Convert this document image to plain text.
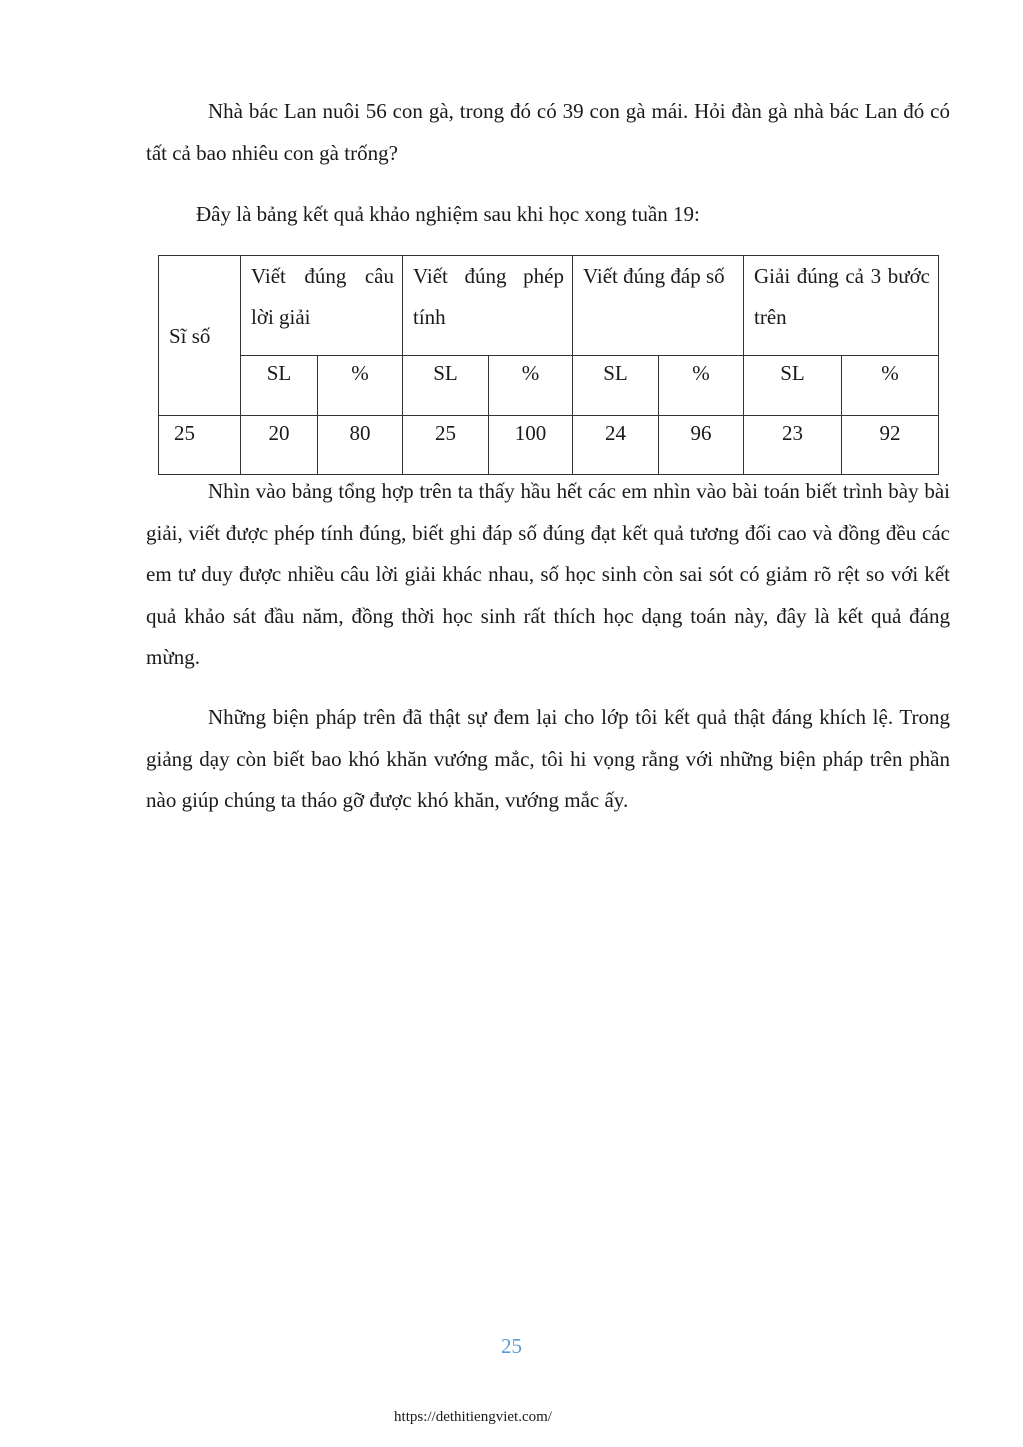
Nhà bác Lan nuôi 56 con gà, trong đó có 39 con gà mái. Hỏi đàn gà nhà bác Lan đó có tất cả bao nhiêu con gà trống?

Đây là bảng kết quả khảo nghiệm sau khi học xong tuần 19:

Sĩ số	Viết đúng câu lời giải		Viết đúng phép tính		Viết đúng đáp số		Giải đúng cả 3 bước trên	
	SL	%	SL	%	SL	%	SL	%
25	20	80	25	100	24	96	23	92

Nhìn vào bảng tổng hợp trên ta thấy hầu hết các em nhìn vào bài toán biết trình bày bài giải, viết được phép tính đúng, biết ghi đáp số đúng đạt kết quả tương đối cao và đồng đều các em tư duy được nhiều câu lời giải khác nhau, số học sinh còn sai sót có giảm rõ rệt so với kết quả khảo sát đầu năm, đồng thời học sinh rất thích học dạng toán này, đây là kết quả đáng mừng.

Những biện pháp trên đã thật sự đem lại cho lớp tôi kết quả thật đáng khích lệ. Trong giảng dạy còn biết bao khó khăn vướng mắc, tôi hi vọng rằng với những biện pháp trên phần nào giúp chúng ta tháo gỡ được khó khăn, vướng mắc ấy.

25
https://dethitiengviet.com/
